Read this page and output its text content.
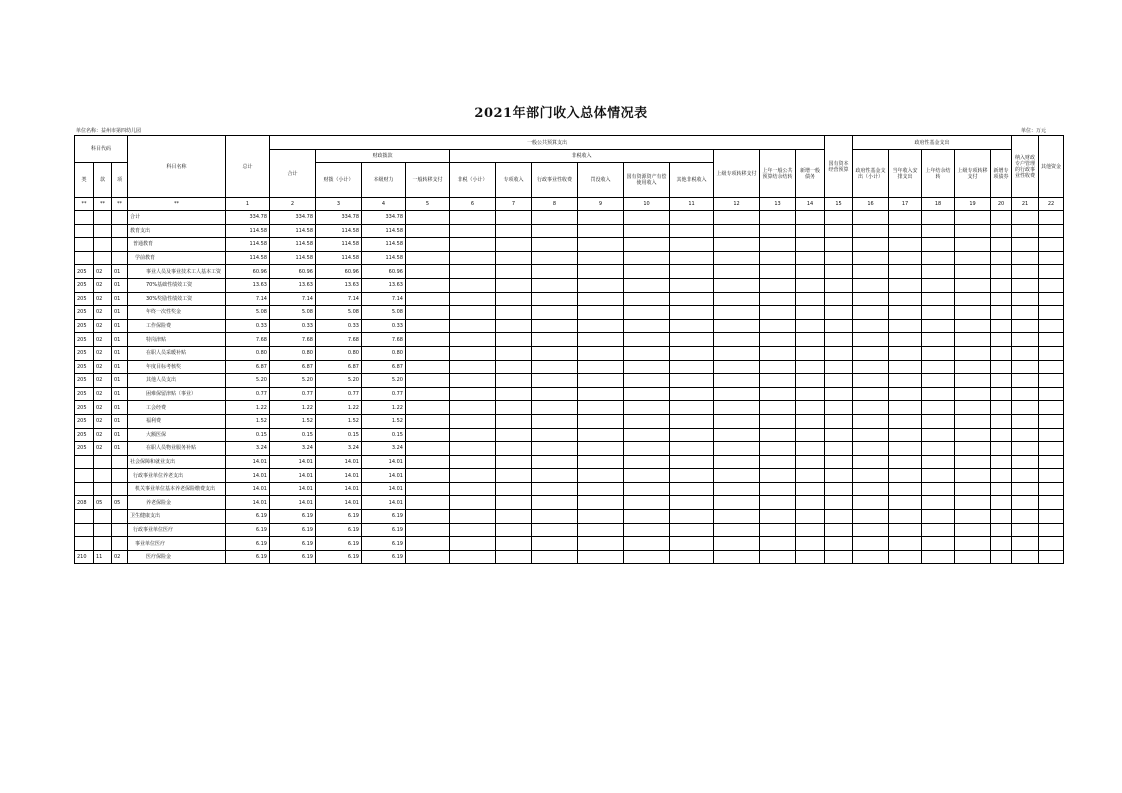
2021年部门收入总体情况表
单位名称：益州市第四幼儿园	单位：万元
科目代码			科目名称	总计	一般公共预算支出													国有资本经营预算	政府性基金支出					纳入财政专户管理的行政事业性收费	其他资金
					合计	财政拨款			非税收入						上级专项转移支付	上年一般公共预算结余结转	新增一般债务		政府性基金支出（小计）	当年收入安排支出	上年结余结转	上级专项转移支付	新增专项债券		
类	款	项				财拨（小计）	本级财力	一般转移支付	非税（小计）	专项收入	行政事业性收费	罚没收入	国有资源资产有偿使用收入	其他非税收入											
**	**	**	**	1	2	3	4	5	6	7	8	9	10	11	12	13	14	15	16	17	18	19	20	21	22
			合计	334.78	334.78	334.78	334.78																		
			教育支出	114.58	114.58	114.58	114.58																		
			普通教育	114.58	114.58	114.58	114.58																		
			学前教育	114.58	114.58	114.58	114.58																		
205	02	01	事业人员及事业技术工人基本工资	60.96	60.96	60.96	60.96																		
205	02	01	70%基础性绩效工资	13.63	13.63	13.63	13.63																		
205	02	01	30%奖励性绩效工资	7.14	7.14	7.14	7.14																		
205	02	01	年终一次性奖金	5.08	5.08	5.08	5.08																		
205	02	01	工作保险费	0.33	0.33	0.33	0.33																		
205	02	01	特岗津贴	7.68	7.68	7.68	7.68																		
205	02	01	在职人员采暖补贴	0.80	0.80	0.80	0.80																		
205	02	01	年度目标考核奖	6.87	6.87	6.87	6.87																		
205	02	01	其他人员支出	5.20	5.20	5.20	5.20																		
205	02	01	困难保留津贴（事业）	0.77	0.77	0.77	0.77																		
205	02	01	工会经费	1.22	1.22	1.22	1.22																		
205	02	01	福利费	1.52	1.52	1.52	1.52																		
205	02	01	大额医保	0.15	0.15	0.15	0.15																		
205	02	01	在职人员物业服务补贴	3.24	3.24	3.24	3.24																		
			社会保障和就业支出	14.01	14.01	14.01	14.01																		
			行政事业单位养老支出	14.01	14.01	14.01	14.01																		
			机关事业单位基本养老保险缴费支出	14.01	14.01	14.01	14.01																		
208	05	05	养老保险金	14.01	14.01	14.01	14.01																		
			卫生健康支出	6.19	6.19	6.19	6.19																		
			行政事业单位医疗	6.19	6.19	6.19	6.19																		
			事业单位医疗	6.19	6.19	6.19	6.19																		
210	11	02	医疗保险金	6.19	6.19	6.19	6.19																		
